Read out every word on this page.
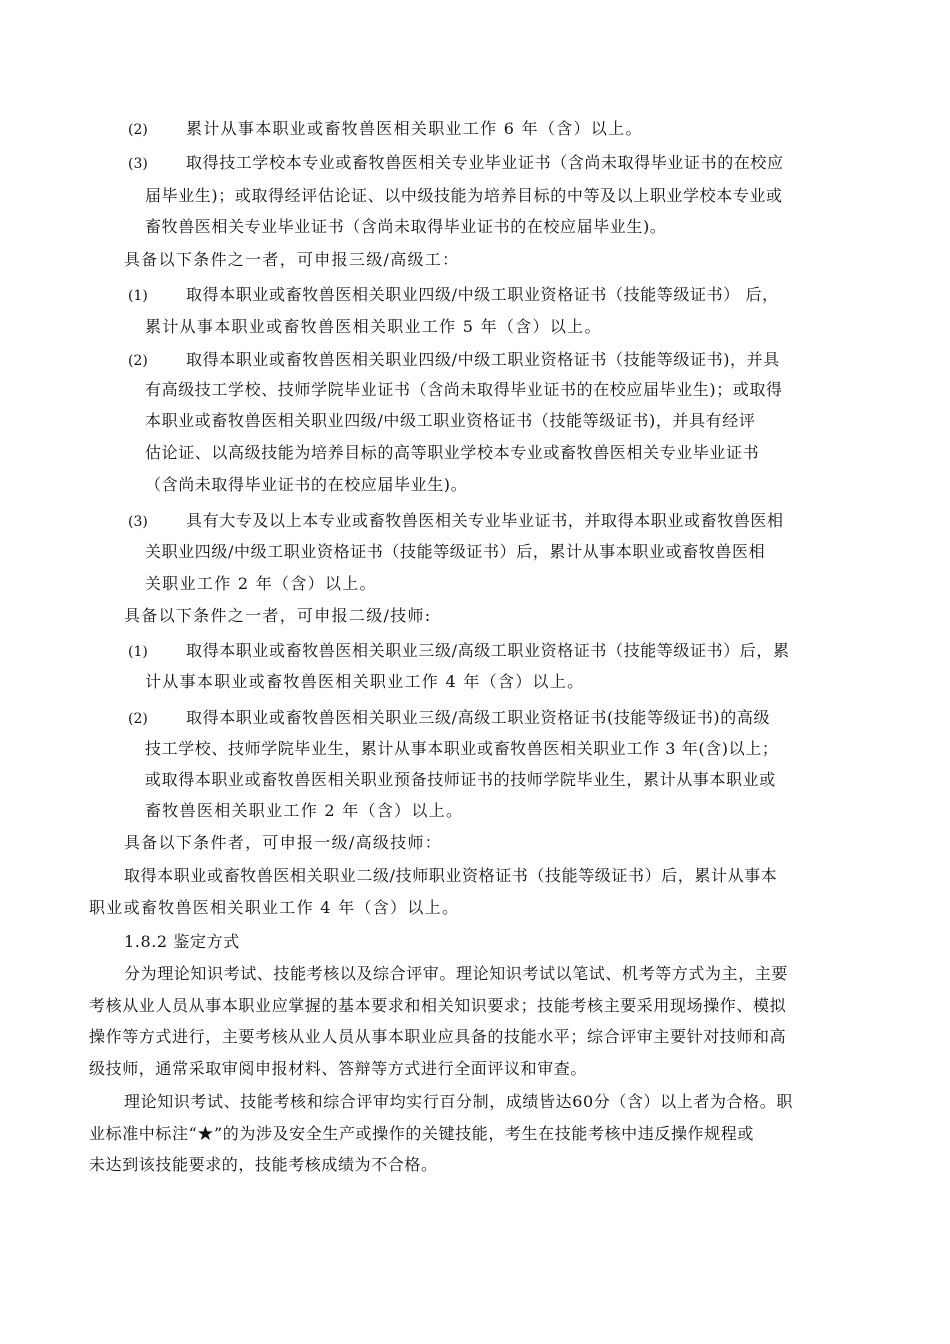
(2) 累计从事本职业或畜牧兽医相关职业工作 6 年（含）以上。
(3) 取得技工学校本专业或畜牧兽医相关专业毕业证书（含尚未取得毕业证书的在校应
届毕业生)；或取得经评估论证、以中级技能为培养目标的中等及以上职业学校本专业或
畜牧兽医相关专业毕业证书（含尚未取得毕业证书的在校应届毕业生)。
具备以下条件之一者，可申报三级/高级工：
(1) 取得本职业或畜牧兽医相关职业四级/中级工职业资格证书（技能等级证书） 后，
累计从事本职业或畜牧兽医相关职业工作 5 年（含）以上。
(2) 取得本职业或畜牧兽医相关职业四级/中级工职业资格证书（技能等级证书)，并具
有高级技工学校、技师学院毕业证书（含尚未取得毕业证书的在校应届毕业生)；或取得
本职业或畜牧兽医相关职业四级/中级工职业资格证书（技能等级证书)，并具有经评
估论证、以高级技能为培养目标的高等职业学校本专业或畜牧兽医相关专业毕业证书
（含尚未取得毕业证书的在校应届毕业生)。
(3) 具有大专及以上本专业或畜牧兽医相关专业毕业证书，并取得本职业或畜牧兽医相
关职业四级/中级工职业资格证书（技能等级证书）后，累计从事本职业或畜牧兽医相
关职业工作 2 年（含）以上。
具备以下条件之一者，可申报二级/技师:
(1) 取得本职业或畜牧兽医相关职业三级/高级工职业资格证书（技能等级证书）后，累
计从事本职业或畜牧兽医相关职业工作 4 年（含）以上。
(2) 取得本职业或畜牧兽医相关职业三级/高级工职业资格证书(技能等级证书)的高级
技工学校、技师学院毕业生，累计从事本职业或畜牧兽医相关职业工作 3 年(含)以上；
或取得本职业或畜牧兽医相关职业预备技师证书的技师学院毕业生，累计从事本职业或
畜牧兽医相关职业工作 2 年（含）以上。
具备以下条件者，可申报一级/高级技师：
取得本职业或畜牧兽医相关职业二级/技师职业资格证书（技能等级证书）后，累计从事本
职业或畜牧兽医相关职业工作 4 年（含）以上。
1.8.2 鉴定方式
分为理论知识考试、技能考核以及综合评审。理论知识考试以笔试、机考等方式为主，主要
考核从业人员从事本职业应掌握的基本要求和相关知识要求；技能考核主要采用现场操作、模拟
操作等方式进行，主要考核从业人员从事本职业应具备的技能水平；综合评审主要针对技师和高
级技师，通常采取审阅申报材料、答辩等方式进行全面评议和审查。
理论知识考试、技能考核和综合评审均实行百分制，成绩皆达60分（含）以上者为合格。职
业标准中标注“★”的为涉及安全生产或操作的关键技能，考生在技能考核中违反操作规程或
未达到该技能要求的，技能考核成绩为不合格。
